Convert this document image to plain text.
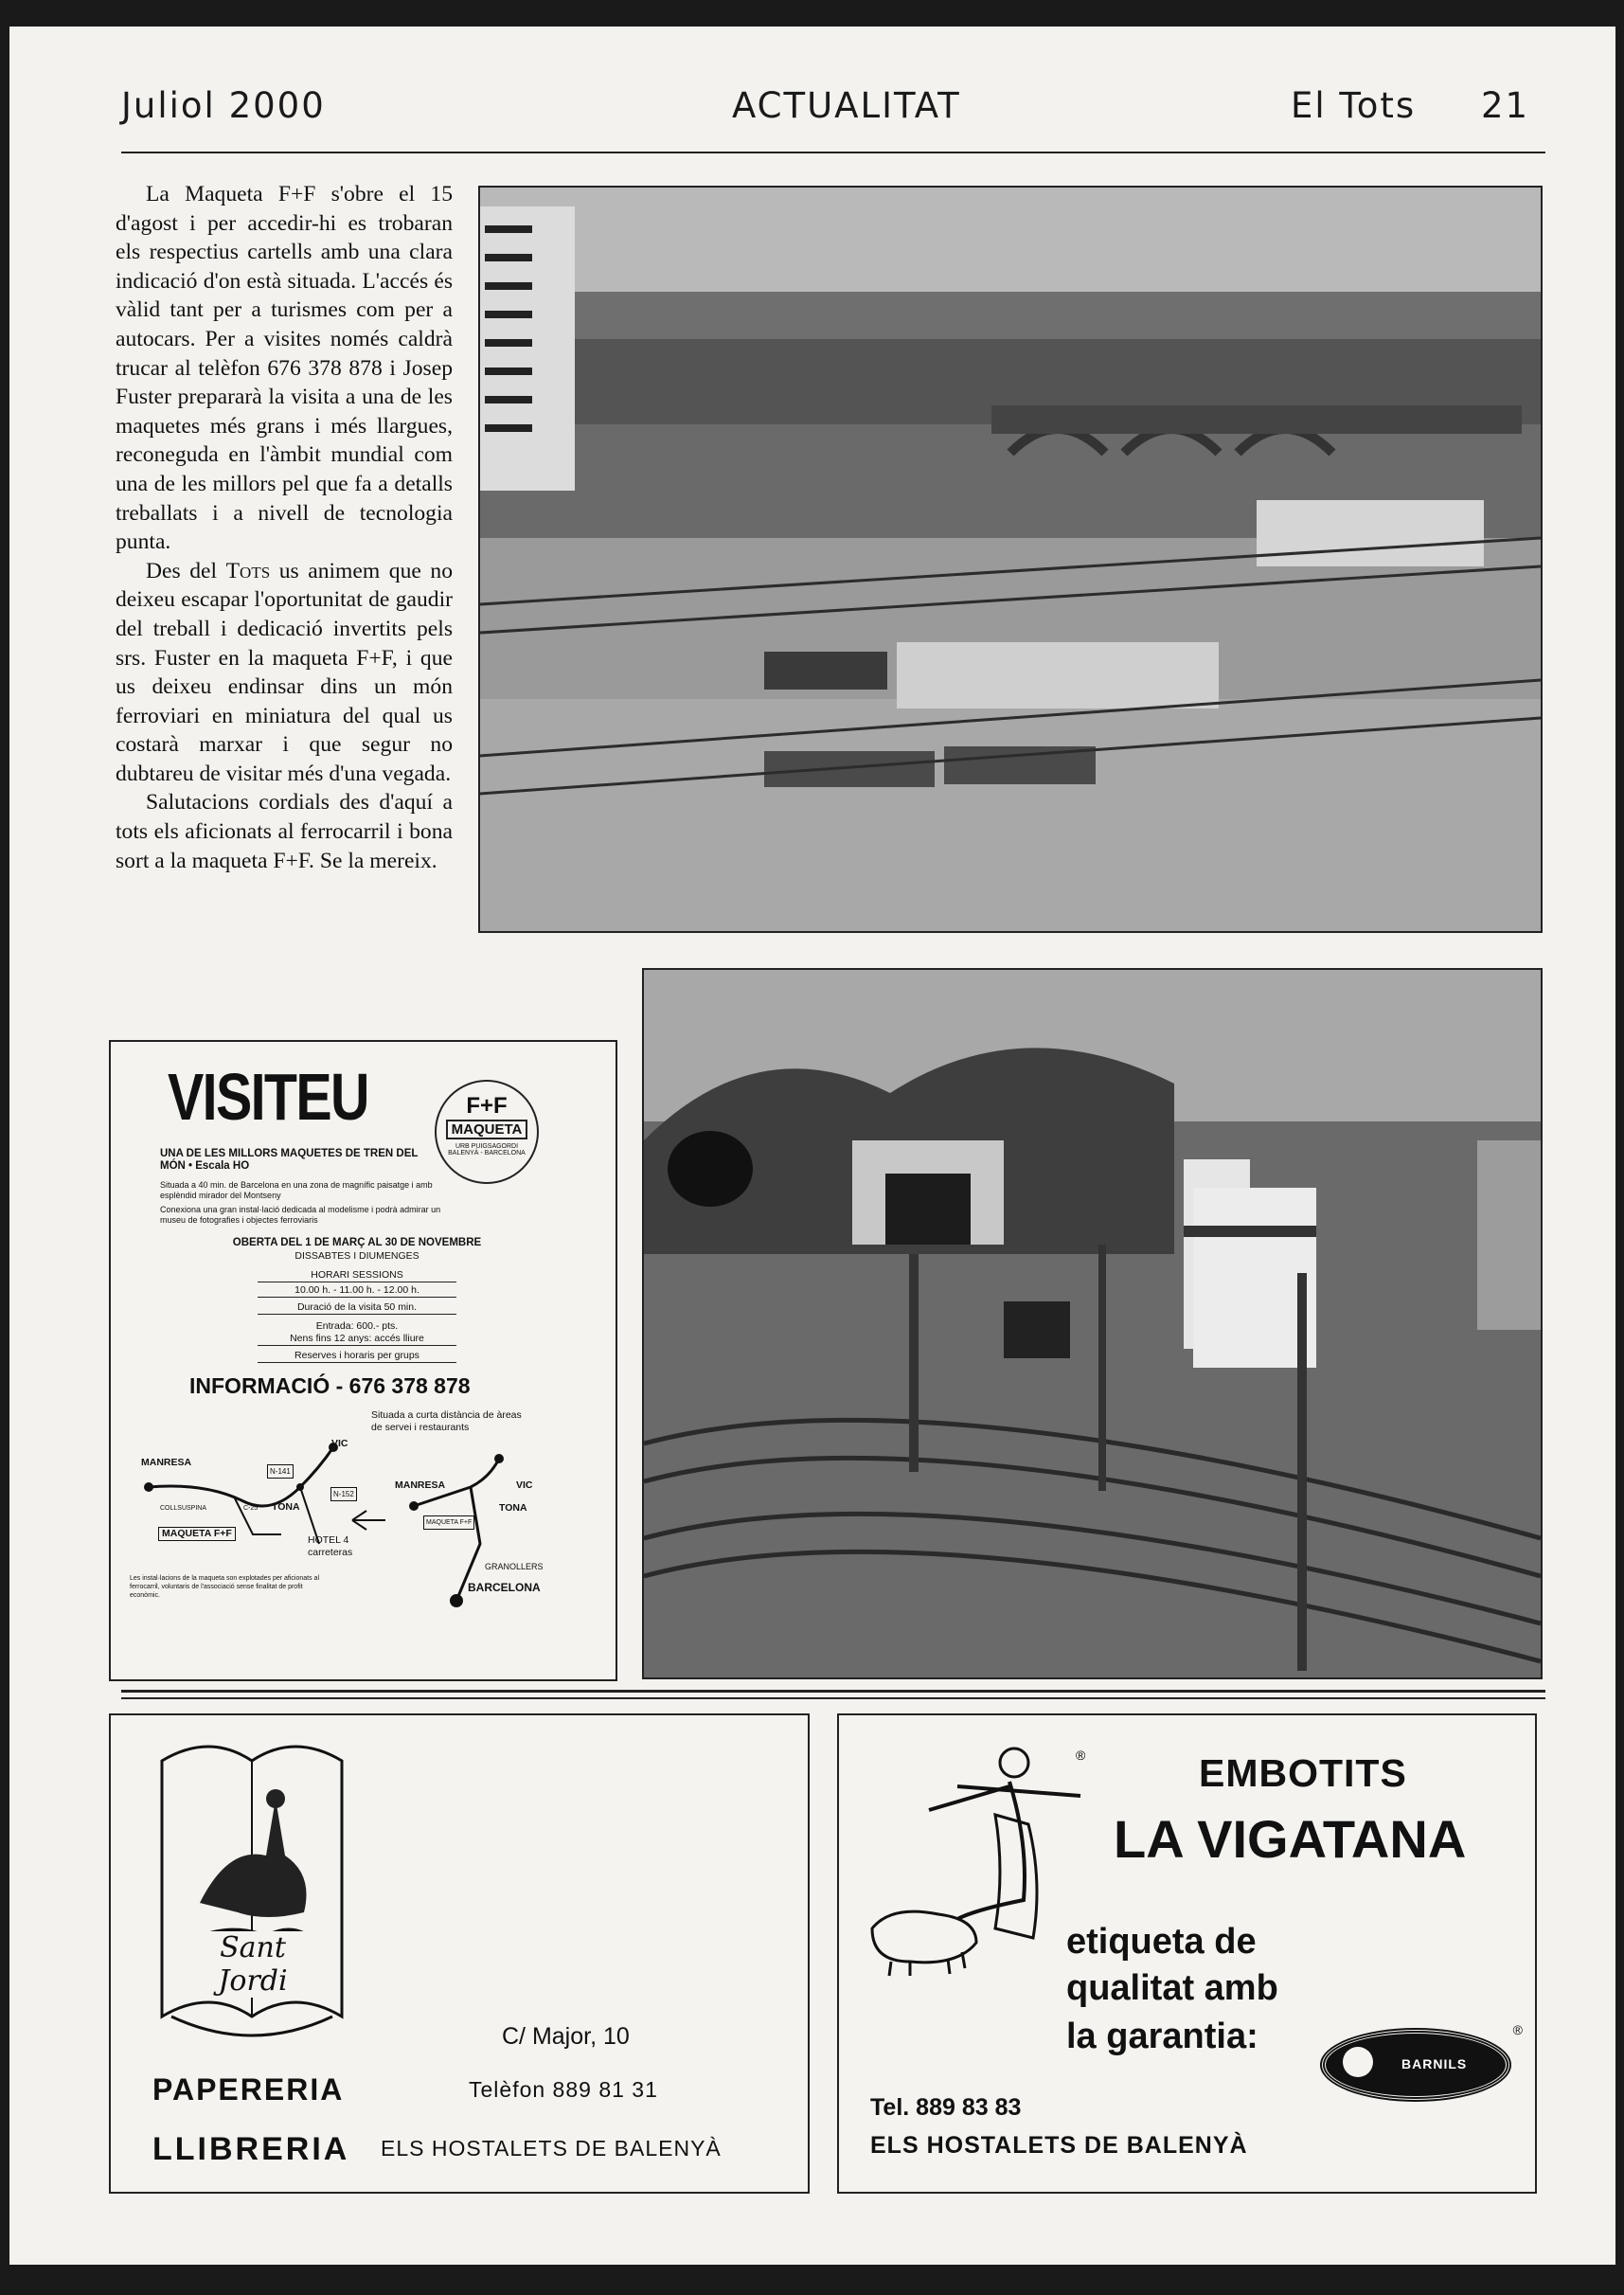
Juliol 2000	ACTUALITAT	El Tots 21

La Maqueta F+F s'obre el 15 d'agost i per accedir-hi es trobaran els respectius cartells amb una clara indicació d'on està situada. L'accés és vàlid tant per a turismes com per a autocars. Per a visites només caldrà trucar al telèfon 676 378 878 i Josep Fuster prepararà la visita a una de les maquetes més grans i més llargues, reconeguda en l'àmbit mundial com una de les millors pel que fa a detalls treballats i a nivell de tecnologia punta.

Des del Tots us animem que no deixeu escapar l'oportunitat de gaudir del treball i dedicació invertits pels srs. Fuster en la maqueta F+F, i que us deixeu endinsar dins un món ferroviari en miniatura del qual us costarà marxar i que segur no dubtareu de visitar més d'una vegada.

Salutacions cordials des d'aquí a tots els aficionats al ferrocarril i bona sort a la maqueta F+F. Se la mereix.

VISITEU	F+F
MAQUETA
URB PUIGSAGORDI
BALENYÀ - BARCELONA
UNA DE LES MILLORS MAQUETES DE TREN DEL MÓN • Escala HO
Situada a 40 min. de Barcelona en una zona de magnífic paisatge i amb esplèndid mirador del Montseny
Conexiona una gran instal·lació dedicada al modelisme i podrà admirar un museu de fotografies i objectes ferroviaris
OBERTA DEL 1 DE MARÇ AL 30 DE NOVEMBRE
DISSABTES I DIUMENGES
HORARI SESSIONS
10.00 h. - 11.00 h. - 12.00 h.
Duració de la visita 50 min.
Entrada: 600.- pts.
Nens fins 12 anys: accés lliure
Reserves i horaris per grups
INFORMACIÓ - 676 378 878
Situada a curta distància de àreas de servei i restaurants
MANRESA
VIC
TONA
COLLSUSPINA
MAQUETA F+F
HOTEL 4 carreteras
N-141
N-152
C-25
MANRESA	VIC
TONA
MAQUETA F+F
GRANOLLERS
BARCELONA
Les instal·lacions de la maqueta son explotades per aficionats al ferrocarril, voluntaris de l'associació sense finalitat de profit econòmic.
Sant Jordi
PAPERERIA
LLIBRERIA
C/ Major, 10
Telèfon 889 81 31
ELS HOSTALETS DE BALENYÀ
®	EMBOTITS
LA VIGATANA
etiqueta de
qualitat amb
la garantia:
BARNILS
®
Tel. 889 83 83
ELS HOSTALETS DE BALENYÀ
